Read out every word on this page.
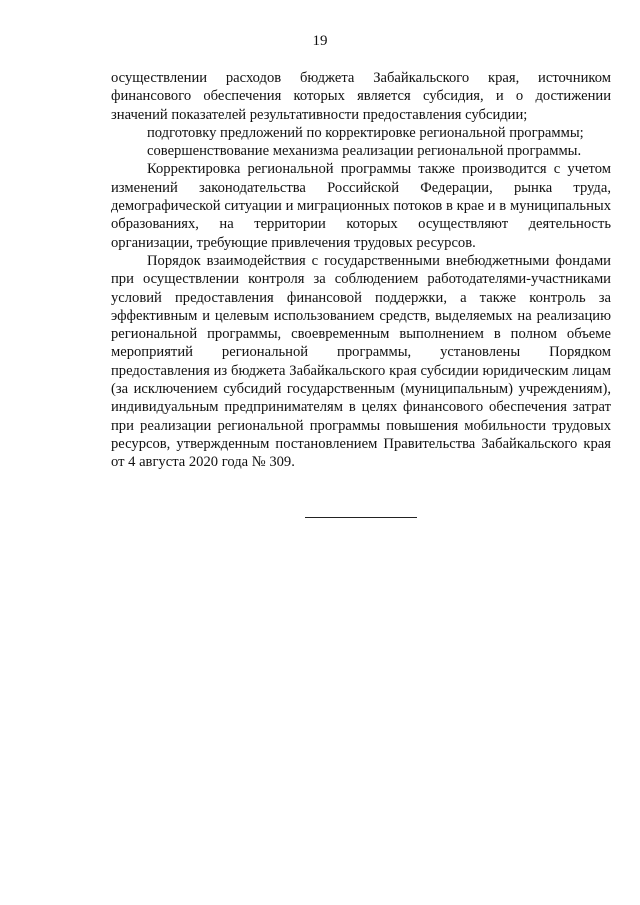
19

осуществлении расходов бюджета Забайкальского края, источником финансового обеспечения которых является субсидия, и о достижении значений показателей результативности предоставления субсидии;

подготовку предложений по корректировке региональной программы;

совершенствование механизма реализации региональной программы.

Корректировка региональной программы также производится с учетом изменений законодательства Российской Федерации, рынка труда, демографической ситуации и миграционных потоков в крае и в муниципальных образованиях, на территории которых осуществляют деятельность организации, требующие привлечения трудовых ресурсов.

Порядок взаимодействия с государственными внебюджетными фондами при осуществлении контроля за соблюдением работодателями-участниками условий предоставления финансовой поддержки, а также контроль за эффективным и целевым использованием средств, выделяемых на реализацию региональной программы, своевременным выполнением в полном объеме мероприятий региональной программы, установлены Порядком предоставления из бюджета Забайкальского края субсидии юридическим лицам (за исключением субсидий государственным (муниципальным) учреждениям), индивидуальным предпринимателям в целях финансового обеспечения затрат при реализации региональной программы повышения мобильности трудовых ресурсов, утвержденным постановлением Правительства Забайкальского края от 4 августа 2020 года № 309.
